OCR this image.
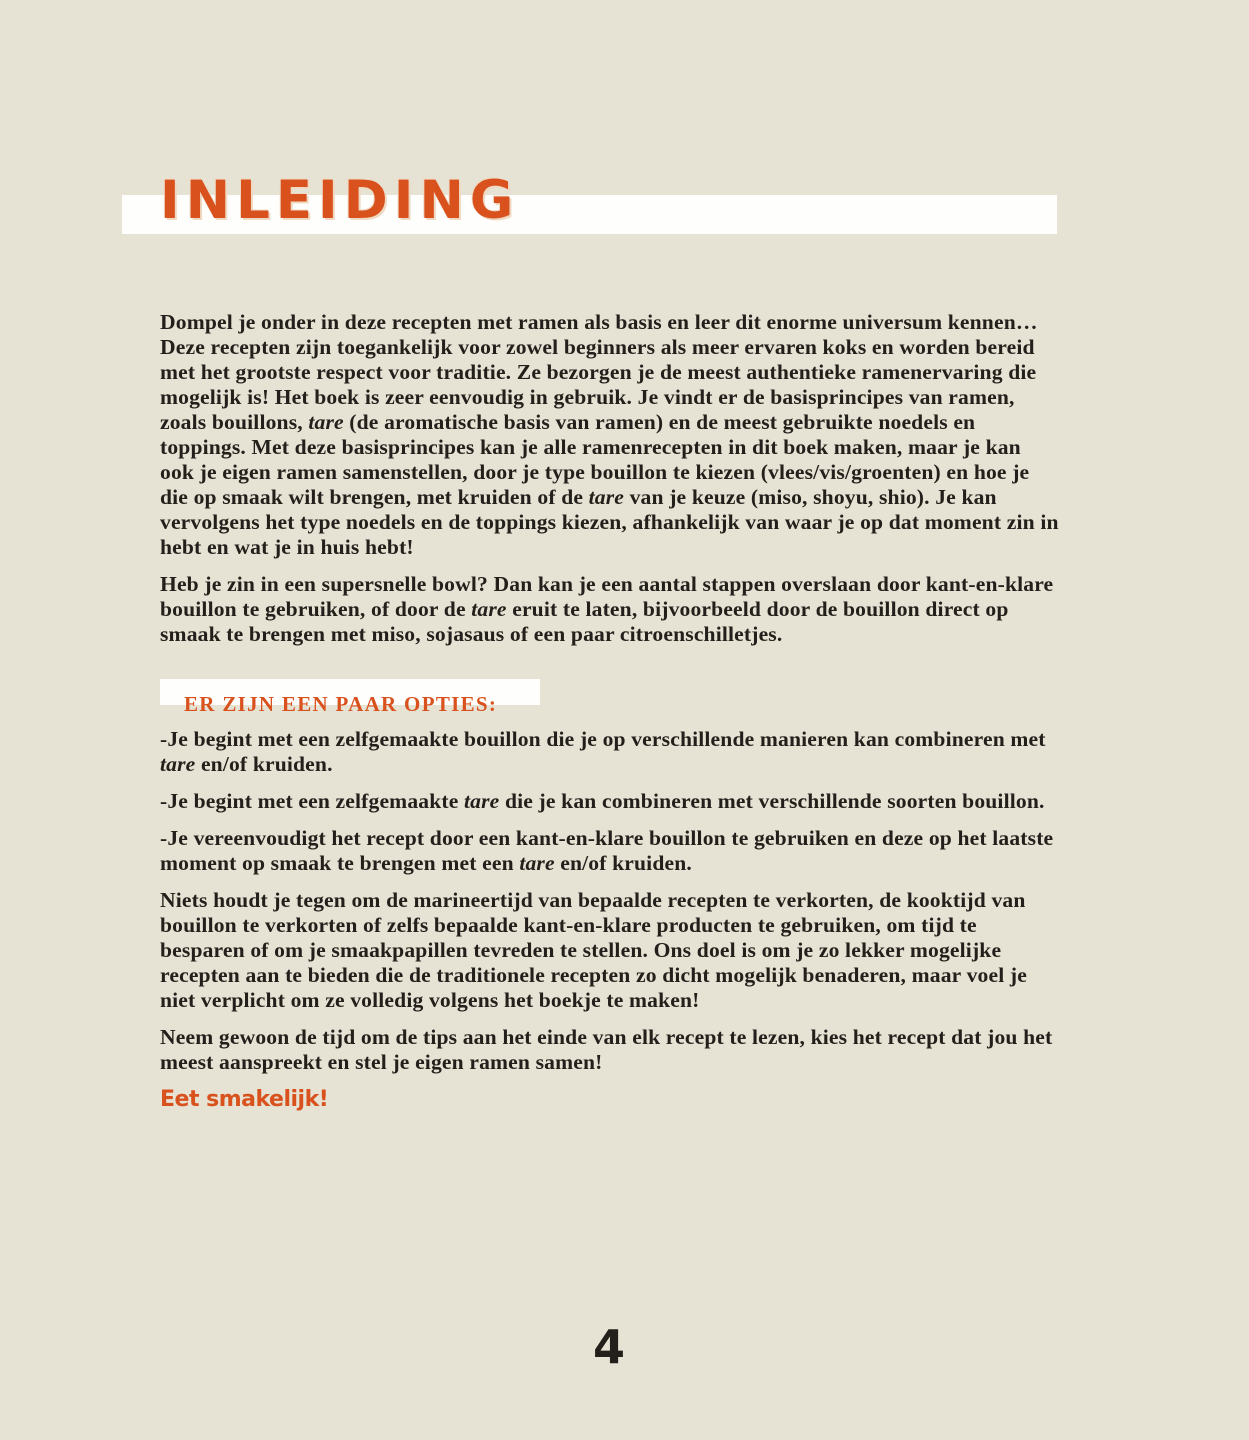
INLEIDING

Dompel je onder in deze recepten met ramen als basis en leer dit enorme universum kennen… Deze recepten zijn toegankelijk voor zowel beginners als meer ervaren koks en worden bereid met het grootste respect voor traditie. Ze bezorgen je de meest authentieke ramenervaring die mogelijk is! Het boek is zeer eenvoudig in gebruik. Je vindt er de basisprincipes van ramen, zoals bouillons, tare (de aromatische basis van ramen) en de meest gebruikte noedels en toppings. Met deze basisprincipes kan je alle ramenrecepten in dit boek maken, maar je kan ook je eigen ramen samenstellen, door je type bouillon te kiezen (vlees/vis/groenten) en hoe je die op smaak wilt brengen, met kruiden of de tare van je keuze (miso, shoyu, shio). Je kan vervolgens het type noedels en de toppings kiezen, afhankelijk van waar je op dat moment zin in hebt en wat je in huis hebt!

Heb je zin in een supersnelle bowl? Dan kan je een aantal stappen overslaan door kant-en-klare bouillon te gebruiken, of door de tare eruit te laten, bijvoorbeeld door de bouillon direct op smaak te brengen met miso, sojasaus of een paar citroenschilletjes.

ER ZIJN EEN PAAR OPTIES:

-Je begint met een zelfgemaakte bouillon die je op verschillende manieren kan combineren met tare en/of kruiden.

-Je begint met een zelfgemaakte tare die je kan combineren met verschillende soorten bouillon.

-Je vereenvoudigt het recept door een kant-en-klare bouillon te gebruiken en deze op het laatste moment op smaak te brengen met een tare en/of kruiden.

Niets houdt je tegen om de marineertijd van bepaalde recepten te verkorten, de kooktijd van bouillon te verkorten of zelfs bepaalde kant-en-klare producten te gebruiken, om tijd te besparen of om je smaakpapillen tevreden te stellen. Ons doel is om je zo lekker mogelijke recepten aan te bieden die de traditionele recepten zo dicht mogelijk benaderen, maar voel je niet verplicht om ze volledig volgens het boekje te maken!

Neem gewoon de tijd om de tips aan het einde van elk recept te lezen, kies het recept dat jou het meest aanspreekt en stel je eigen ramen samen!

Eet smakelijk!
4
